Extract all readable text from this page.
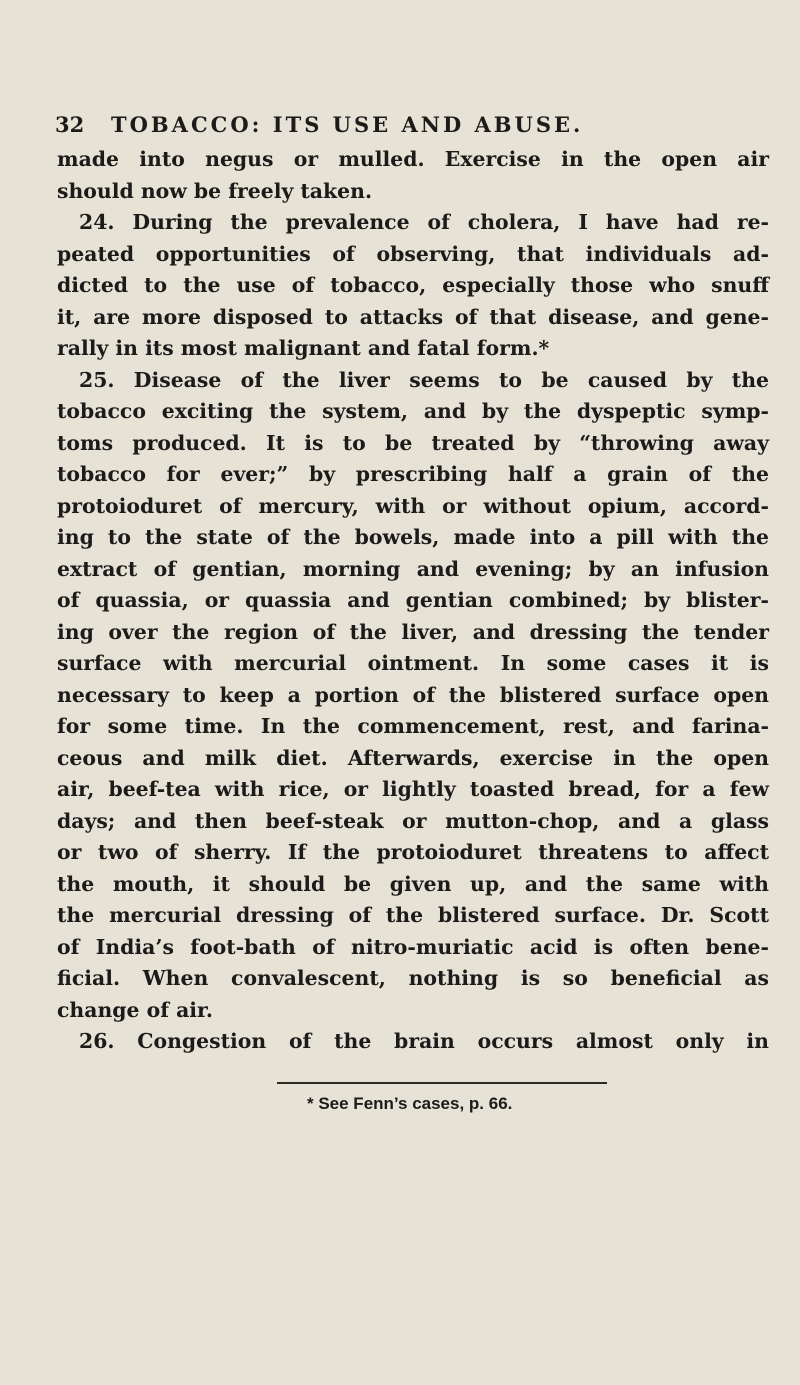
32 TOBACCO: ITS USE AND ABUSE.
made into negus or mulled. Exercise in the open air
should now be freely taken.
24. During the prevalence of cholera, I have had re-
peated opportunities of observing, that individuals ad-
dicted to the use of tobacco, especially those who snuff
it, are more disposed to attacks of that disease, and gene-
rally in its most malignant and fatal form.*
25. Disease of the liver seems to be caused by the
tobacco exciting the system, and by the dyspeptic symp-
toms produced. It is to be treated by “throwing away
tobacco for ever;” by prescribing half a grain of the
protoioduret of mercury, with or without opium, accord-
ing to the state of the bowels, made into a pill with the
extract of gentian, morning and evening; by an infusion
of quassia, or quassia and gentian combined; by blister-
ing over the region of the liver, and dressing the tender
surface with mercurial ointment. In some cases it is
necessary to keep a portion of the blistered surface open
for some time. In the commencement, rest, and farina-
ceous and milk diet. Afterwards, exercise in the open
air, beef-tea with rice, or lightly toasted bread, for a few
days; and then beef-steak or mutton-chop, and a glass
or two of sherry. If the protoioduret threatens to affect
the mouth, it should be given up, and the same with
the mercurial dressing of the blistered surface. Dr. Scott
of India’s foot-bath of nitro-muriatic acid is often bene-
ficial. When convalescent, nothing is so beneficial as
change of air.
26. Congestion of the brain occurs almost only in
* See Fenn’s cases, p. 66.
